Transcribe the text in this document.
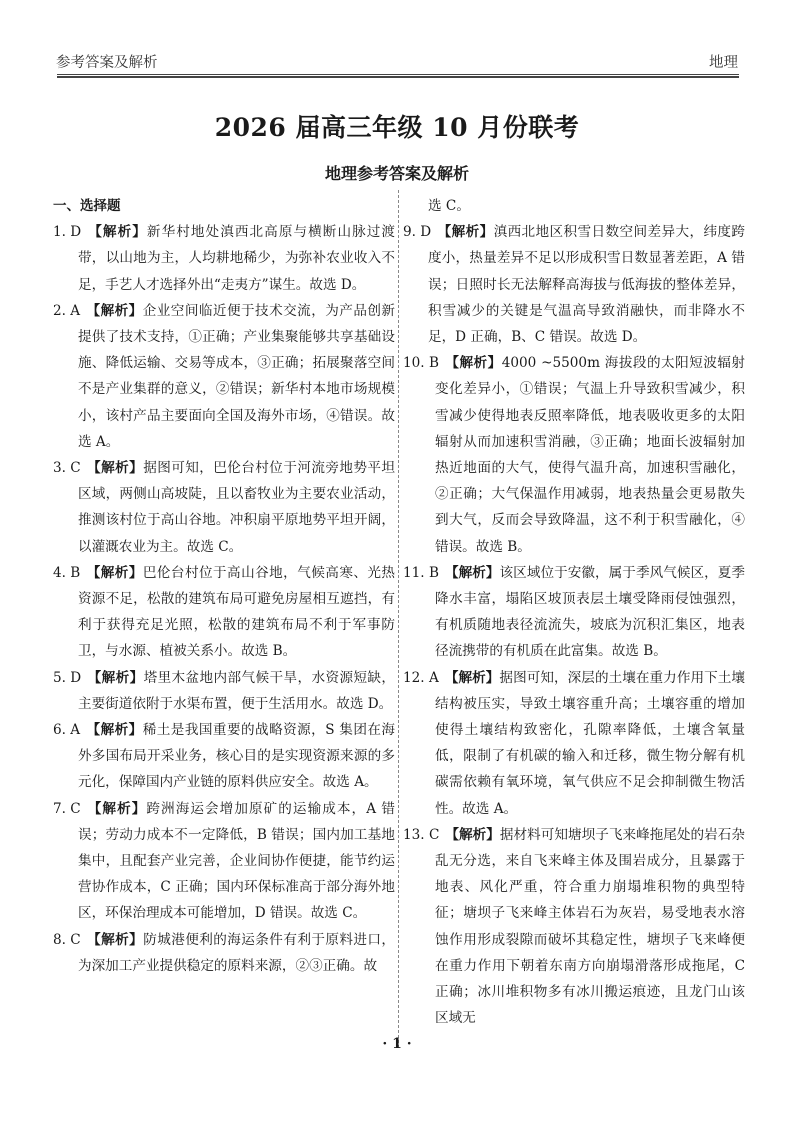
参考答案及解析	地理
2026 届高三年级 10 月份联考
地理参考答案及解析
一、选择题
1. D 【解析】新华村地处滇西北高原与横断山脉过渡带，以山地为主，人均耕地稀少，为弥补农业收入不足，手艺人才选择外出“走夷方”谋生。故选 D。
2. A 【解析】企业空间临近便于技术交流，为产品创新提供了技术支持，①正确；产业集聚能够共享基础设施、降低运输、交易等成本，③正确；拓展聚落空间不是产业集群的意义，②错误；新华村本地市场规模小，该村产品主要面向全国及海外市场，④错误。故选 A。
3. C 【解析】据图可知，巴伦台村位于河流旁地势平坦区域，两侧山高坡陡，且以畜牧业为主要农业活动，推测该村位于高山谷地。冲积扇平原地势平坦开阔，以灌溉农业为主。故选 C。
4. B 【解析】巴伦台村位于高山谷地，气候高寒、光热资源不足，松散的建筑布局可避免房屋相互遮挡，有利于获得充足光照，松散的建筑布局不利于军事防卫，与水源、植被关系小。故选 B。
5. D 【解析】塔里木盆地内部气候干旱，水资源短缺，主要街道依附于水渠布置，便于生活用水。故选 D。
6. A 【解析】稀土是我国重要的战略资源，S 集团在海外多国布局开采业务，核心目的是实现资源来源的多元化，保障国内产业链的原料供应安全。故选 A。
7. C 【解析】跨洲海运会增加原矿的运输成本，A 错误；劳动力成本不一定降低，B 错误；国内加工基地集中，且配套产业完善，企业间协作便捷，能节约运营协作成本，C 正确；国内环保标准高于部分海外地区，环保治理成本可能增加，D 错误。故选 C。
8. C 【解析】防城港便利的海运条件有利于原料进口，为深加工产业提供稳定的原料来源，②③正确。故
选 C。
9. D 【解析】滇西北地区积雪日数空间差异大，纬度跨度小，热量差异不足以形成积雪日数显著差距，A 错误；日照时长无法解释高海拔与低海拔的整体差异，积雪减少的关键是气温高导致消融快，而非降水不足，D 正确，B、C 错误。故选 D。
10. B 【解析】4000 ~5500m 海拔段的太阳短波辐射变化差异小，①错误；气温上升导致积雪减少，积雪减少使得地表反照率降低，地表吸收更多的太阳辐射从而加速积雪消融，③正确；地面长波辐射加热近地面的大气，使得气温升高，加速积雪融化，②正确；大气保温作用减弱，地表热量会更易散失到大气，反而会导致降温，这不利于积雪融化，④错误。故选 B。
11. B 【解析】该区域位于安徽，属于季风气候区，夏季降水丰富，塌陷区坡顶表层土壤受降雨侵蚀强烈，有机质随地表径流流失，坡底为沉积汇集区，地表径流携带的有机质在此富集。故选 B。
12. A 【解析】据图可知，深层的土壤在重力作用下土壤结构被压实，导致土壤容重升高；土壤容重的增加使得土壤结构致密化，孔隙率降低，土壤含氧量低，限制了有机碳的输入和迁移，微生物分解有机碳需依赖有氧环境，氧气供应不足会抑制微生物活性。故选 A。
13. C 【解析】据材料可知塘坝子飞来峰拖尾处的岩石杂乱无分选，来自飞来峰主体及围岩成分，且暴露于地表、风化严重，符合重力崩塌堆积物的典型特征；塘坝子飞来峰主体岩石为灰岩，易受地表水溶蚀作用形成裂隙而破坏其稳定性，塘坝子飞来峰便在重力作用下朝着东南方向崩塌滑落形成拖尾，C 正确；冰川堆积物多有冰川搬运痕迹，且龙门山该区域无
· 1 ·
